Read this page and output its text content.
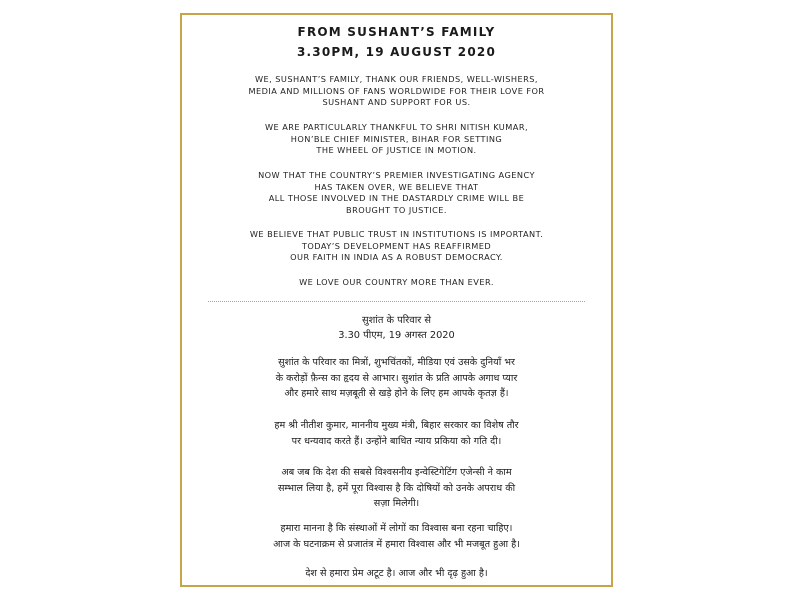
FROM SUSHANT’S FAMILY
3.30PM, 19 AUGUST 2020

WE, SUSHANT’S FAMILY, THANK OUR FRIENDS, WELL-WISHERS,
MEDIA AND MILLIONS OF FANS WORLDWIDE FOR THEIR LOVE FOR
SUSHANT AND SUPPORT FOR US.

WE ARE PARTICULARLY THANKFUL TO SHRI NITISH KUMAR,
HON’BLE CHIEF MINISTER, BIHAR FOR SETTING
THE WHEEL OF JUSTICE IN MOTION.

NOW THAT THE COUNTRY’S PREMIER INVESTIGATING AGENCY
HAS TAKEN OVER, WE BELIEVE THAT
ALL THOSE INVOLVED IN THE DASTARDLY CRIME WILL BE
BROUGHT TO JUSTICE.

WE BELIEVE THAT PUBLIC TRUST IN INSTITUTIONS IS IMPORTANT.
TODAY’S DEVELOPMENT HAS REAFFIRMED
OUR FAITH IN INDIA AS A ROBUST DEMOCRACY.

WE LOVE OUR COUNTRY MORE THAN EVER.

सुशांत के परिवार से

3.30 पीएम, 19 अगस्त 2020

सुशांत के परिवार का मित्रों, शुभचिंतकों, मीडिया एवं उसके दुनियाँ भर
के करोड़ों फ़ैन्स का हृदय से आभार। सुशांत के प्रति आपके अगाध प्यार
और हमारे साथ मज़बूती से खड़े होने के लिए हम आपके कृतज्ञ हैं।

हम श्री नीतीश कुमार, माननीय मुख्य मंत्री, बिहार सरकार का विशेष तौर
पर धन्यवाद करते हैं। उन्होंने बाधित न्याय प्रकिया को गति दी।

अब जब कि देश की सबसे विश्वसनीय इन्वेस्टिगेटिंग एजेन्सी ने काम
सम्भाल लिया है, हमें पूरा विश्वास है कि दोषियों को उनके अपराध की
सज़ा मिलेगी।

हमारा मानना है कि संस्थाओं में लोगों का विश्वास बना रहना चाहिए।
आज के घटनाक्रम से प्रजातंत्र में हमारा विश्वास और भी मजबूत हुआ है।

देश से हमारा प्रेम अटूट है। आज और भी दृढ़ हुआ है।
